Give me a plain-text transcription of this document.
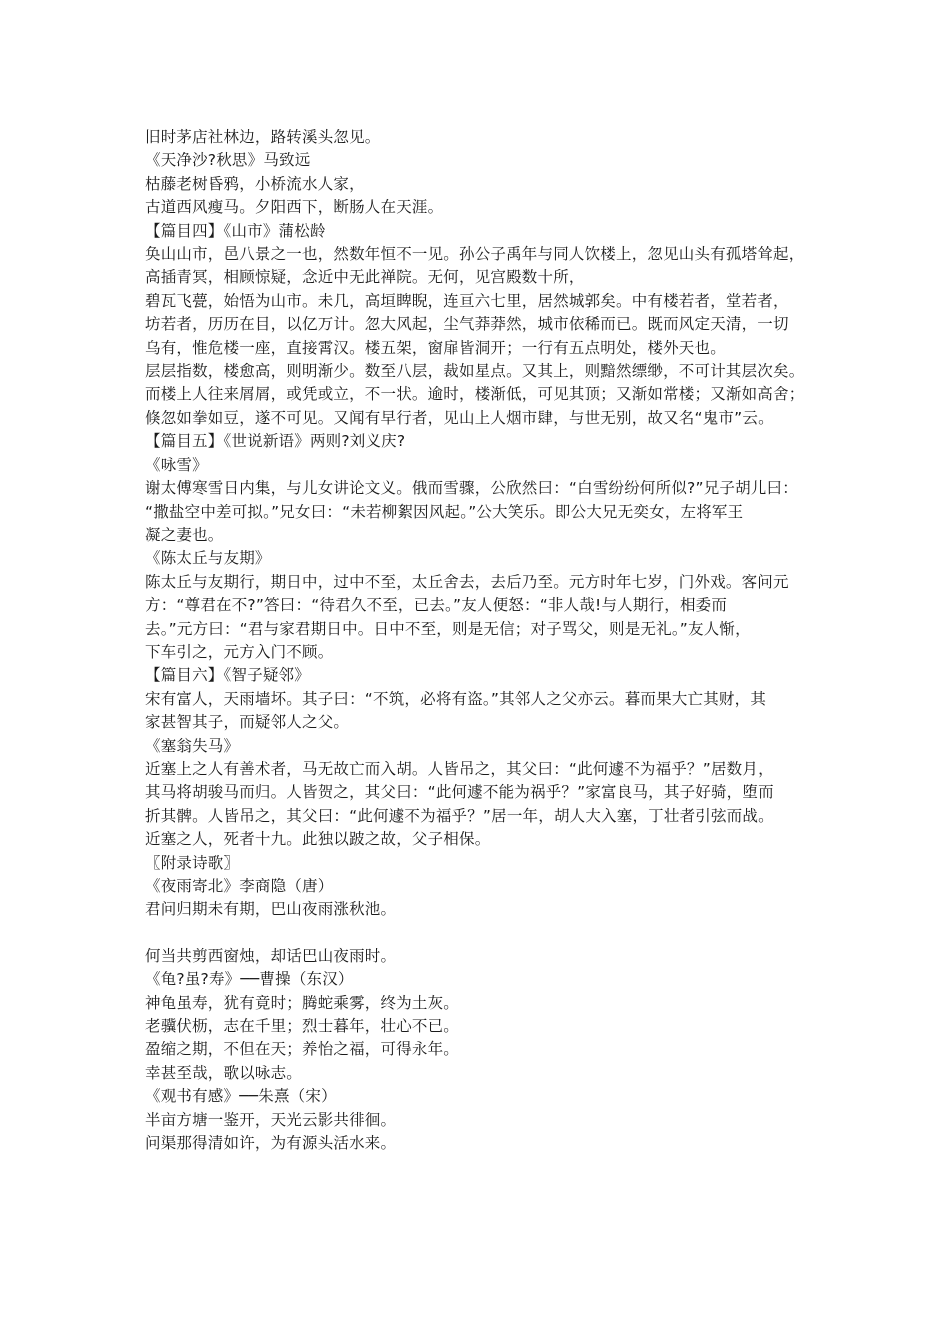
旧时茅店社林边，路转溪头忽见。
《天净沙?秋思》马致远
枯藤老树昏鸦，小桥流水人家，
古道西风瘦马。夕阳西下，断肠人在天涯。
【篇目四】《山市》蒲松龄
奂山山市，邑八景之一也，然数年恒不一见。孙公子禹年与同人饮楼上，忽见山头有孤塔耸起，
高插青冥，相顾惊疑，念近中无此禅院。无何，见宫殿数十所，
碧瓦飞甍，始悟为山市。未几，高垣睥睨，连亘六七里，居然城郭矣。中有楼若者，堂若者，
坊若者，历历在目，以亿万计。忽大风起，尘气莽莽然，城市依稀而已。既而风定天清，一切
乌有，惟危楼一座，直接霄汉。楼五架，窗扉皆洞开；一行有五点明处，楼外天也。
层层指数，楼愈高，则明渐少。数至八层，裁如星点。又其上，则黯然缥缈，不可计其层次矣。
而楼上人往来屑屑，或凭或立，不一状。逾时，楼渐低，可见其顶；又渐如常楼；又渐如高舍；
倏忽如拳如豆，遂不可见。又闻有早行者，见山上人烟市肆，与世无别，故又名“鬼市”云。
【篇目五】《世说新语》两则?刘义庆?
《咏雪》
谢太傅寒雪日内集，与儿女讲论文义。俄而雪骤，公欣然曰：“白雪纷纷何所似?”兄子胡儿曰：
“撒盐空中差可拟。”兄女曰：“未若柳絮因风起。”公大笑乐。即公大兄无奕女，左将军王
凝之妻也。
《陈太丘与友期》
陈太丘与友期行，期日中，过中不至，太丘舍去，去后乃至。元方时年七岁，门外戏。客问元
方：“尊君在不?”答曰：“待君久不至，已去。”友人便怒：“非人哉!与人期行，相委而
去。”元方曰：“君与家君期日中。日中不至，则是无信；对子骂父，则是无礼。”友人惭，
下车引之，元方入门不顾。
【篇目六】《智子疑邻》
宋有富人，天雨墙坏。其子曰：“不筑，必将有盗。”其邻人之父亦云。暮而果大亡其财，其
家甚智其子，而疑邻人之父。
《塞翁失马》
近塞上之人有善术者，马无故亡而入胡。人皆吊之，其父曰：“此何遽不为福乎？”居数月，
其马将胡骏马而归。人皆贺之，其父曰：“此何遽不能为祸乎？”家富良马，其子好骑，堕而
折其髀。人皆吊之，其父曰：“此何遽不为福乎？”居一年，胡人大入塞，丁壮者引弦而战。
近塞之人，死者十九。此独以跛之故，父子相保。
〖附录诗歌〗
《夜雨寄北》李商隐（唐）
君问归期未有期，巴山夜雨涨秋池。
何当共剪西窗烛，却话巴山夜雨时。
《龟?虽?寿》──曹操（东汉）
神龟虽寿，犹有竟时；腾蛇乘雾，终为土灰。
老骥伏枥，志在千里；烈士暮年，壮心不已。
盈缩之期，不但在天；养怡之福，可得永年。
幸甚至哉，歌以咏志。
《观书有感》──朱熹（宋）
半亩方塘一鉴开，天光云影共徘徊。
问渠那得清如许，为有源头活水来。
